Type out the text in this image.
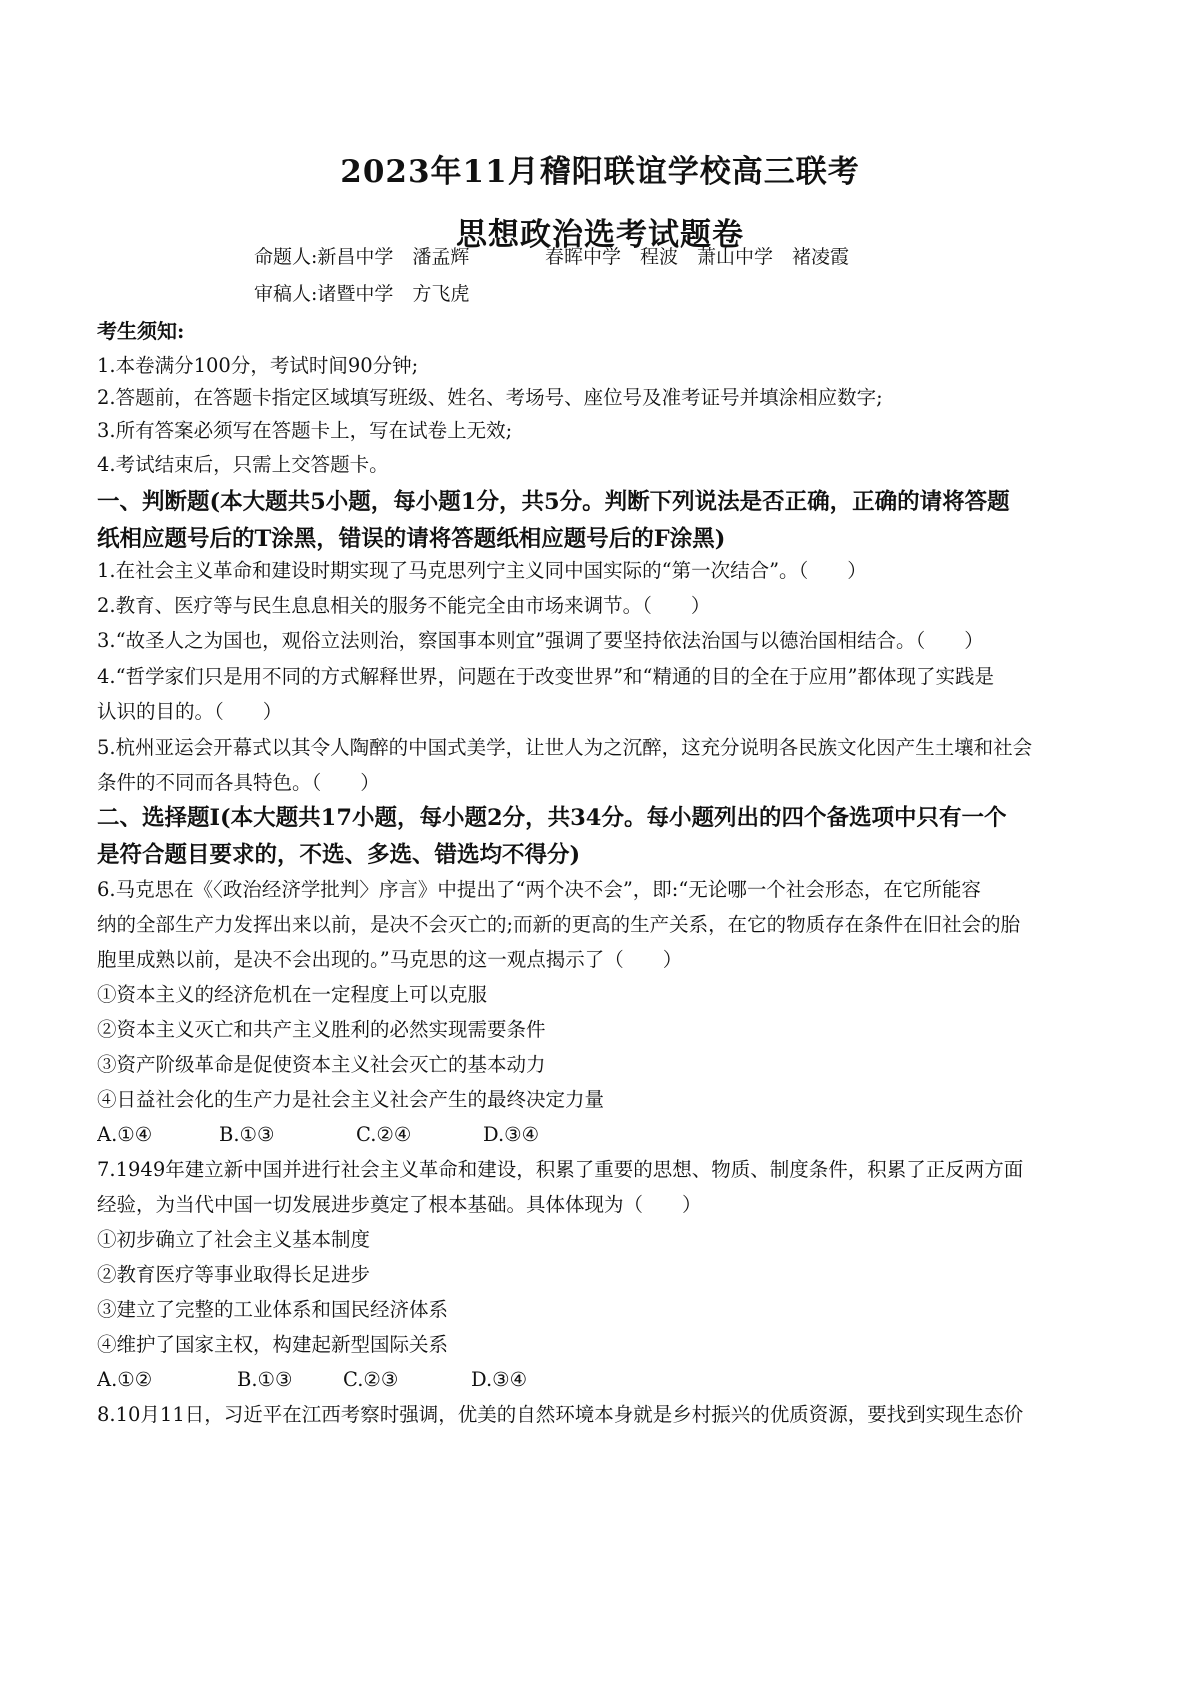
2023年11月稽阳联谊学校高三联考
思想政治选考试题卷
命题人:新昌中学　潘孟辉	春晖中学　程波　萧山中学　褚凌霞
审稿人:诸暨中学　方飞虎
考生须知:
1.本卷满分100分，考试时间90分钟;
2.答题前，在答题卡指定区域填写班级、姓名、考场号、座位号及准考证号并填涂相应数字;
3.所有答案必须写在答题卡上，写在试卷上无效;
4.考试结束后，只需上交答题卡。
一、判断题(本大题共5小题，每小题1分，共5分。判断下列说法是否正确，正确的请将答题
纸相应题号后的T涂黑，错误的请将答题纸相应题号后的F涂黑)
1.在社会主义革命和建设时期实现了马克思列宁主义同中国实际的“第一次结合”。（　　）
2.教育、医疗等与民生息息相关的服务不能完全由市场来调节。（　　）
3.“故圣人之为国也，观俗立法则治，察国事本则宜”强调了要坚持依法治国与以德治国相结合。（　　）
4.“哲学家们只是用不同的方式解释世界，问题在于改变世界”和“精通的目的全在于应用”都体现了实践是
认识的目的。（　　）
5.杭州亚运会开幕式以其令人陶醉的中国式美学，让世人为之沉醉，这充分说明各民族文化因产生土壤和社会
条件的不同而各具特色。（　　）
二、选择题Ⅰ(本大题共17小题，每小题2分，共34分。每小题列出的四个备选项中只有一个
是符合题目要求的，不选、多选、错选均不得分)
6.马克思在《〈政治经济学批判〉序言》中提出了“两个决不会”，即:“无论哪一个社会形态，在它所能容
纳的全部生产力发挥出来以前，是决不会灭亡的;而新的更高的生产关系，在它的物质存在条件在旧社会的胎
胞里成熟以前，是决不会出现的。”马克思的这一观点揭示了（　　）
①资本主义的经济危机在一定程度上可以克服
②资本主义灭亡和共产主义胜利的必然实现需要条件
③资产阶级革命是促使资本主义社会灭亡的基本动力
④日益社会化的生产力是社会主义社会产生的最终决定力量
A.①④	B.①③	C.②④	D.③④
7.1949年建立新中国并进行社会主义革命和建设，积累了重要的思想、物质、制度条件，积累了正反两方面
经验，为当代中国一切发展进步奠定了根本基础。具体体现为（　　）
①初步确立了社会主义基本制度
②教育医疗等事业取得长足进步
③建立了完整的工业体系和国民经济体系
④维护了国家主权，构建起新型国际关系
A.①②	B.①③	C.②③	D.③④
8.10月11日，习近平在江西考察时强调，优美的自然环境本身就是乡村振兴的优质资源，要找到实现生态价
